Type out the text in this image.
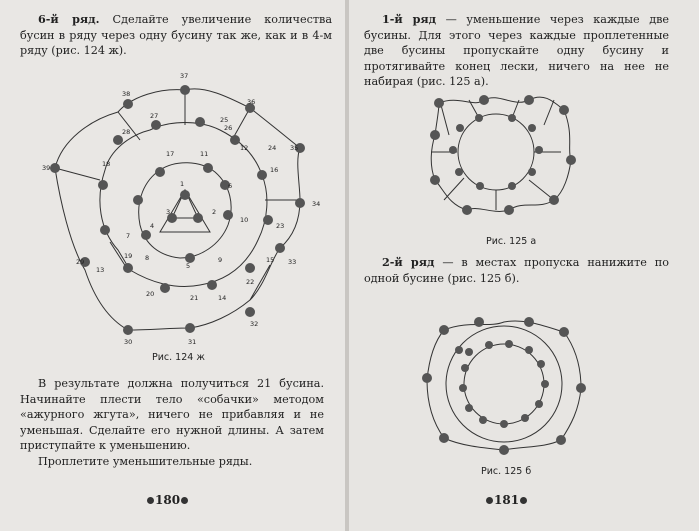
6-й ряд. Сделайте увеличение количества бусин в ряду через одну бусину так же, как и в 4-м ряду (рис. 124 ж).

1
2
3
4
5
6
7
8	9
10
11
12
13
14
15
16
17
18
19
20	21
22
23
24
25
26
27
28
29
30	31
32
33
34
35
36
37
38
39
Рис. 124 ж

В результате должна получиться 21 бусина. Начинайте плести тело «собачки» методом «ажурного жгута», ничего не прибавляя и не уменьшая. Сделайте его нужной длины. А затем приступайте к уменьшению.

Проплетите уменьшительные ряды.

180

1-й ряд — уменьшение через каждые две бусины. Для этого через каждые проплетенные две бусины пропускайте одну бусину и протягивайте конец лески, ничего на нее не набирая (рис. 125 а).

Рис. 125 а

2-й ряд — в местах пропуска нанижите по одной бусине (рис. 125 б).

Рис. 125 б
181
